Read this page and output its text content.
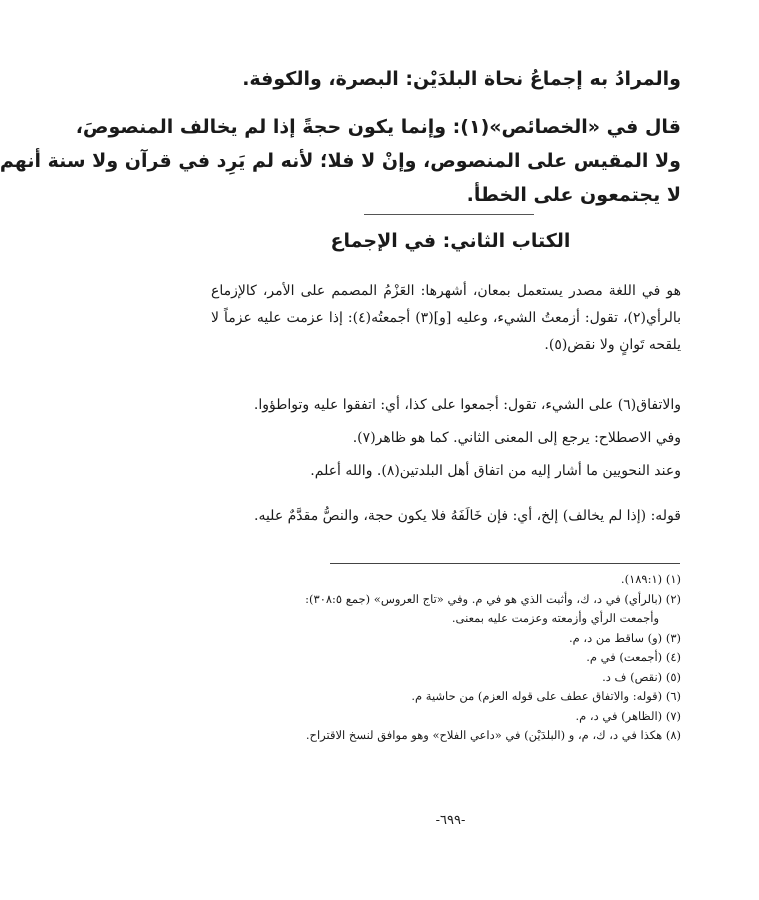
والمرادُ به إجماعُ نحاة البلدَيْن: البصرة، والكوفة.
قال في «الخصائص»(١): وإنما يكون حجةً إذا لم يخالف المنصوصَ،
ولا المقيس على المنصوص، وإنْ لا فلا؛ لأنه لم يَرِد في قرآن ولا سنة أنهم
لا يجتمعون على الخطأ.
الكتاب الثاني: في الإجماع

هو في اللغة مصدر يستعمل بمعان، أشهرها: العَزْمُ المصمم على الأمر، كالإزماع بالرأي(٢)، تقول: أزمعتُ الشيء، وعليه [و](٣) أجمعتُه(٤): إذا عزمت عليه عزماً لا يلقحه تَوانٍ ولا نقض(٥).

والاتفاق(٦) على الشيء، تقول: أجمعوا على كذا، أي: اتفقوا عليه وتواطؤوا.

وفي الاصطلاح: يرجع إلى المعنى الثاني. كما هو ظاهر(٧).

وعند النحويين ما أشار إليه من اتفاق أهل البلدتين(٨). والله أعلم.

قوله: (إذا لم يخالف) إلخ، أي: فإن خَالَفَهُ فلا يكون حجة، والنصُّ مقدَّمٌ عليه.

(١) (١٨٩:١).
(٢) (بالرأي) في د، ك، وأثبت الذي هو في م. وفي «تاج العروس» (جمع ٣٠٨:٥):
وأجمعت الرأي وأزمعته وعزمت عليه بمعنى.
(٣) (و) ساقط من د، م.
(٤) (أجمعت) في م.
(٥) (نقص) ف د.
(٦) (قوله: والاتفاق عطف على قوله العزم) من حاشية م.
(٧) (الظاهر) في د، م.
(٨) هكذا في د، ك، م، و (البلدَيْن) في «داعي الفلاح» وهو موافق لنسخ الاقتراح.
-٦٩٩-
